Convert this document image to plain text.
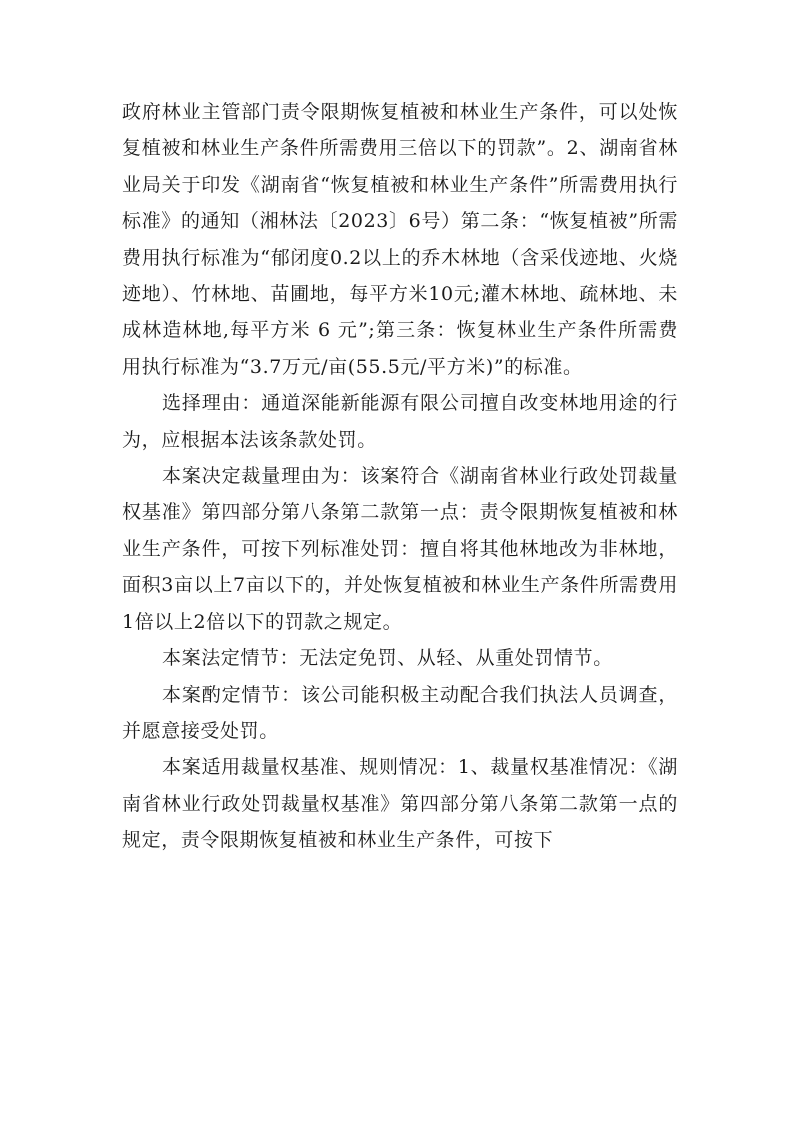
政府林业主管部门责令限期恢复植被和林业生产条件，可以处恢复植被和林业生产条件所需费用三倍以下的罚款”。2、湖南省林业局关于印发《湖南省“恢复植被和林业生产条件”所需费用执行标准》的通知（湘林法〔2023〕6号）第二条：“恢复植被”所需费用执行标准为“郁闭度0.2以上的乔木林地（含采伐迹地、火烧迹地）、竹林地、苗圃地，每平方米10元;灌木林地、疏林地、未成林造林地,每平方米 6 元”;第三条：恢复林业生产条件所需费用执行标准为“3.7万元/亩(55.5元/平方米)”的标准。

选择理由：通道深能新能源有限公司擅自改变林地用途的行为，应根据本法该条款处罚。

本案决定裁量理由为：该案符合《湖南省林业行政处罚裁量权基准》第四部分第八条第二款第一点：责令限期恢复植被和林业生产条件，可按下列标准处罚：擅自将其他林地改为非林地，面积3亩以上7亩以下的，并处恢复植被和林业生产条件所需费用1倍以上2倍以下的罚款之规定。

本案法定情节：无法定免罚、从轻、从重处罚情节。

本案酌定情节：该公司能积极主动配合我们执法人员调查，并愿意接受处罚。

本案适用裁量权基准、规则情况：1、裁量权基准情况：《湖南省林业行政处罚裁量权基准》第四部分第八条第二款第一点的规定，责令限期恢复植被和林业生产条件，可按下
